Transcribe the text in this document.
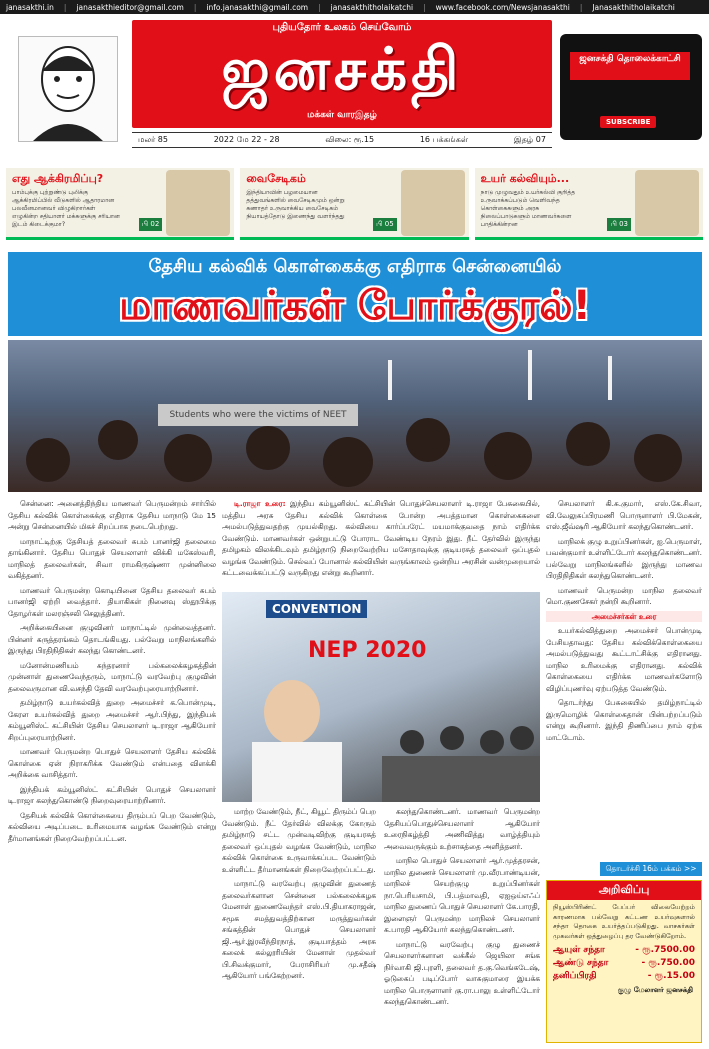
janasakthi.in | janasakthieditor@gmail.com | info.janasakthi@gmail.com | janasakthitholaikatchi | www.facebook.com/Newsjanasakthi | Janasakthitholaikatchi
புதியதோர் உலகம் செய்வோம்
ஜனசக்தி
மக்கள் வாரஇதழ்
ஜனசக்தி தொலைக்காட்சி
SUBSCRIBE
மலர் 85	2022 மே 22 - 28	விலை: ரூ.15	16 பக்கங்கள்	இதழ் 07
எது ஆக்கிரமிப்பு?

பாம்புக்கு புற்றுண்டு புலிக்கு ஆக்கிரமிப்பில் வீடுகளில் ஆதாரமான பலவீனமானவர் விழுகிறார்கள் எழுகின்ற சதியாளர் மக்களுக்கு சரியான இடம் கிடைக்குமா?	பி 02
வைசேடிகம்

இந்தியாவின் பழமையான தத்துவங்களில் வைசேடிகமும் ஒன்று கணாதர் உருவாக்கிய வைசேடிகம் நியாயத்தோடு இணைந்து வளர்ந்தது

பி 05
உயர் கல்வியும்...

நாடு முழுவதும் உயர்கல்வி குறித்த உருவாக்கப்படும் வெளிவந்த கொள்கைகளும் அரசு நிலைப்பாடுகளும் மாணவர்களை பாதிக்கின்றன	பி 03
தேசிய கல்விக் கொள்கைக்கு எதிராக சென்னையில்
மாணவர்கள் போர்க்குரல்!
Students who were the victims of NEET

சென்னை: அனைத்திந்திய மாணவர் பெருமன்றம் சார்பில் தேசிய கல்விக் கொள்கைக்கு எதிராக தேசிய மாநாடு மே 15 அன்று சென்னையில் மிகச் சிறப்பாக நடைபெற்றது.

மாநாட்டிற்கு தேசியத் தலைவர் சுபம் பானர்ஜி தலைமை தாங்கினார். தேசிய பொதுச் செயலாளர் விக்கி மகேஸ்வரி, மாநிலத் தலைவர்கள், சிவா ராமகிருஷ்ணா முன்னிலை வகித்தனர்.

மாணவர் பெருமன்ற கொடியினை தேசிய தலைவர் சுபம் பானர்ஜி ஏற்றி வைத்தார். தியாகிகள் நினைவு ஸ்தூபிக்கு தோழர்கள் மலரஞ்சலி செலுத்தினர்.

அறிக்கையினை குழுவினர் மாநாட்டில் முன்வைத்தனர். பின்னர் கருத்தரங்கம் தொடங்கியது. பல்வேறு மாநிலங்களில் இருந்து பிரதிநிதிகள் கலந்து கொண்டனர்.

மனோன்மணியம் சுந்தரனார் பல்கலைக்கழகத்தின் முன்னாள் துணைவேந்தரும், மாநாட்டு வரவேற்பு குழுவின் தலைவருமான வி.வசந்தி தேவி வரவேற்புரையாற்றினார்.

தமிழ்நாடு உயர்கல்வித் துறை அமைச்சர் க.பொன்முடி, கேரள உயர்கல்வித் துறை அமைச்சர் ஆர்.பிந்து, இந்தியக் கம்யூனிஸ்ட் கட்சியின் தேசிய செயலாளர் டி.ராஜா ஆகியோர் சிறப்புரையாற்றினர்.

மாணவர் பெருமன்ற பொதுச் செயலாளர் தேசிய கல்விக் கொள்கை ஏன் நிராகரிக்க வேண்டும் என்பதை விளக்கி அறிக்கை வாசித்தார்.

இந்தியக் கம்யூனிஸ்ட் கட்சியின் பொதுச் செயலாளர் டி.ராஜா கலந்துகொண்டு நிறைவுரையாற்றினார்.

தேசியக் கல்விக் கொள்கையை திரும்பப் பெற வேண்டும், கல்வியை அடிப்படை உரிமையாக வழங்க வேண்டும் என்று தீர்மானங்கள் நிறைவேற்றப்பட்டன.

டி.ராஜா உரை: இந்திய கம்யூனிஸ்ட் கட்சியின் பொதுச்செயலாளர் டி.ராஜா பேசுகையில், மத்திய அரசு தேசிய கல்விக் கொள்கை போன்ற அபத்தமான கொள்கைகளை அமல்படுத்துவதற்கு முயல்கிறது. கல்வியை கார்ப்பரேட் மயமாக்குவதை நாம் எதிர்க்க வேண்டும். மாணவர்கள் ஒன்றுபட்டு போராட வேண்டிய நேரம் இது. நீட் தேர்வில் இருந்து தமிழகம் விலக்கிடவும் தமிழ்நாடு நிறைவேற்றிய மசோதாவுக்கு குடியரசுத் தலைவர் ஒப்புதல் வழங்க வேண்டும். செல்வப் போனால் கல்வியின் வருங்காலம் ஒன்றிய அரசின் வன்முறையால் கட்டவைக்கப்பட்டு வருகிறது என்று கூறினார்.

CONVENTION
NEP 2020

மாற்ற வேண்டும், நீட், கியூட் திரும்ப் பெற வேண்டும். நீட் தேர்வில் விலக்கு கோரும் தமிழ்நாடு சட்ட முன்வடிவிற்கு குடியரசுத் தலைவர் ஒப்புதல் வழங்க வேண்டும், மாநில கல்விக் கொள்கை உருவாக்கப்பட வேண்டும் உள்ளிட்ட தீர்மானங்கள் நிறைவேற்றப்பட்டது.

மாநாட்டு வரவேற்பு குழுவின் துணைத் தலைவர்களான சென்னை பல்கலைக்கழக மேனாள் துணைவேந்தர் எஸ்.பி.தியாகராஜன், சமூக சமத்துவத்திற்கான மருத்துவர்கள் சங்கத்தின் பொதுச் செயலாளர் ஜி.ஆர்.இரவீந்திரநாத், குடியாத்தம் அரசு கலைக் கல்லூரியின் மேனாள் முதல்வர் பி.சிவக்குமார், பேராசிரியர் மு.சதீஷ் ஆகியோர் பங்கேற்றனர்.

கலந்துகொண்டனர். மாணவர் பெருமன்ற தேசியப்பொதுச்செயலாளர் ஆகியோர் உரைநிகழ்த்தி அணிவித்து வாழ்த்தியும் அவைவருக்கும் உற்சாகத்தை அளித்தனர்.

மாநில பொதுச் செயலாளர் ஆர்.முத்தரசன், மாநில துணைச் செயலாளர் மு.வீரபாண்டியன், மாநிலச் செயற்குழு உறுப்பினர்கள் நா.பெரியசாமி, பி.பத்மாவதி, ஏஐஒய்எஃப் மாநில துணைப் பொதுச் செயலாளர் கே.பாரதி, இளைஞர் பெருமன்ற மாநிலச் செயலாளர் க.பாரதி ஆகியோர் கலந்துகொண்டனர்.

மாநாட்டு வரவேற்பு குழு துணைச் செயலாளர்களான வக்கீல் ஜெயிலா சங்க நிர்வாகி ஜி.புரளி, தலைவர் த.கு.வெங்கடேஷ், ஓடுகைப் படிப்போர் வாசுகுமாரை இயக்க மாநில பொருளாளர் கு.ரா.பாலு உள்ளிட்டோர் கலந்துகொண்டனர்.

செயலாளர் கி.சு.குமார், எஸ்.கே.சிவா, வி.வேலுசுப்பிரமணி பொருளாளர் பி.மேகன், எஸ்.ஜீவ்ஷரி ஆகியோர் கலந்துகொண்டனர்.

மாநிலக் குழு உறுப்பினர்கள், ஐ.பெருமாள், பவன்குமார் உள்ளிட்டோர் கலந்துகொண்டனர். பல்வேறு மாநிலங்களில் இருந்து மாணவ பிரதிநிதிகள் கலந்துகொண்டனர்.

மாணவர் பெருமன்ற மாநில தலைவர் மொ.குணசேகர் நன்றி கூறினார்.

அமைச்சர்கள் உரை

உயர்கல்வித்துறை அமைச்சர் பொன்முடி பேசியதாவது: தேசிய கல்விக்கொள்கையை அமல்படுத்துவது கூட்டாட்சிக்கு எதிரானது. மாநில உரிமைக்கு எதிரானது. கல்விக் கொள்கையை எதிர்க்க மாணவர்களோடு விழிப்புணர்வு ஏற்படுத்த வேண்டும்.

தொடர்ந்து பேசுகையில் தமிழ்நாட்டில் இருமொழிக் கொள்கைதான் பின்பற்றப்படும் என்று கூறினார். இந்தி திணிப்பை நாம் ஏற்க மாட்டோம்.

தொடர்ச்சி 16ம் பக்கம் >>
அறிவிப்பு
நியூஸ்பிரிண்ட் பேப்பர் விலையேற்றம் காரணமாக பல்வேறு கட்டண உயர்வுகளால் சந்தா தொகை உயர்த்தப்படுகிறது. வாசகர்கள் முகவர்கள் ஒத்துழைப்பு தர வேண்டுகிறோம்.
ஆயுள் சந்தா	- ரூ.7500.00
ஆண்டு சந்தா	- ரூ.750.00
தனிப்பிரதி	- ரூ.15.00
குழு மேலாளர் ஜனசக்தி
